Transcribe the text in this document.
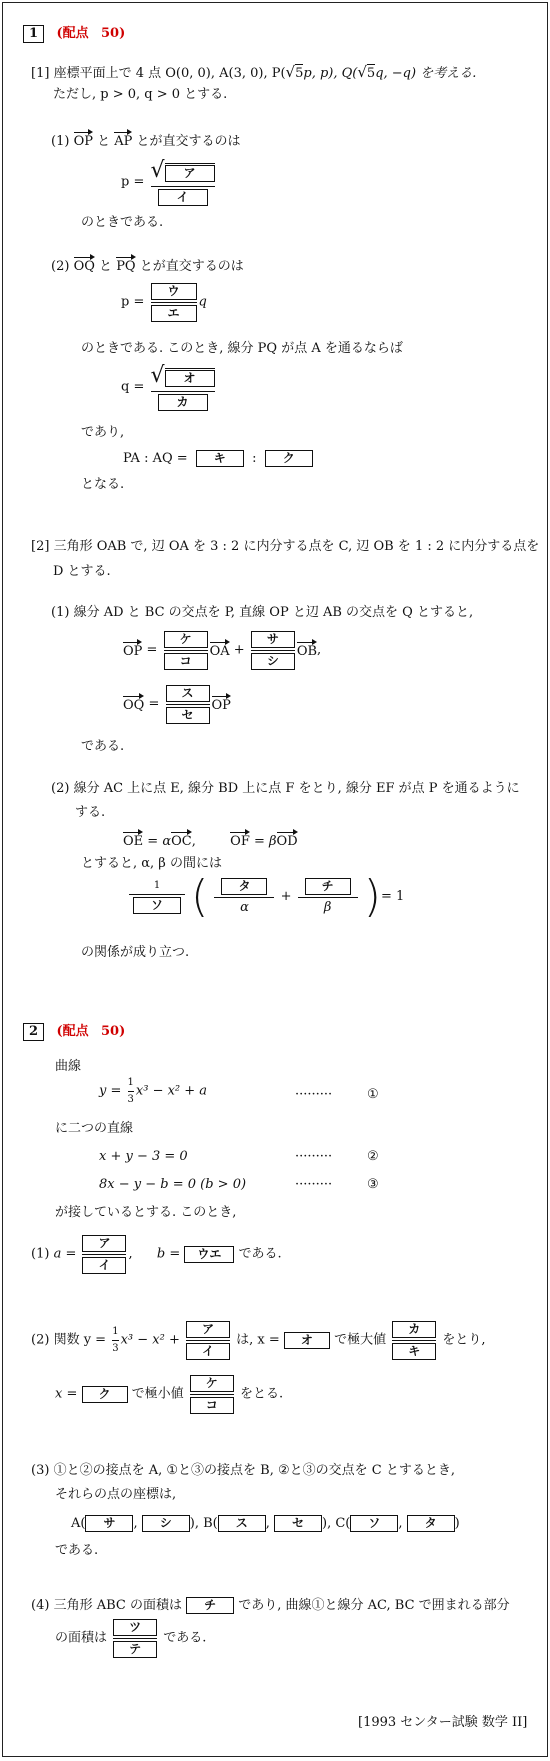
1 (配点 50)
[1] 座標平面上で 4 点 O(0, 0), A(3, 0), P(√5p, p), Q(√5q, −q) を考える.
ただし, p > 0, q > 0 とする.
(1) OP と AP とが直交するのは
$p = \frac{\text{√ ア}}{\text{イ}}$
のときである.
(2) OQ と PQ とが直交するのは
$p = \frac{\text{ウ}}{\text{エ}}$ q
のときである. このとき, 線分 PQ が点 A を通るならば
$q = \frac{\text{√ オ}}{\text{カ}}$
であり,
PA : AQ = キ : ク
となる.
[2] 三角形 OAB で, 辺 OA を 3 : 2 に内分する点を C, 辺 OB を 1 : 2 に内分する点を
D とする.
(1) 線分 AD と BC の交点を P, 直線 OP と辺 AB の交点を Q とすると,
OP = $\frac{\text{ケ}}{\text{コ}}$ OA + $\frac{\text{サ}}{\text{シ}}$ OB,
OQ = $\frac{\text{ス}}{\text{セ}}$ OP
である.
(2) 線分 AC 上に点 E, 線分 BD 上に点 F をとり, 線分 EF が点 P を通るように
する.
OE = αOC,	OF = βOD
とすると, α, β の間には
$\frac{1}{\text{ソ}}$ ( $\frac{\text{タ}}{\alpha} + \frac{\text{チ}}{\beta}$ )= 1
の関係が成り立つ.
2 (配点 50)
曲線
$y = \frac{1}{3} x^3 - x^2 + a$	·········	①
に二つの直線
x + y − 3 = 0	·········	②
8x − y − b = 0 (b > 0)	·········	③
が接しているとする. このとき,
(1) $a = \frac{\text{ア}}{\text{イ}}$ , b = ウエ である.
(2) 関数 $y = \frac{1}{3} x^3 - x^2 + \frac{\text{ア}}{\text{イ}}$ は, x = オ で極大値 $\frac{\text{カ}}{\text{キ}}$ をとり,
x = ク で極小値 $\frac{\text{ケ}}{\text{コ}}$ をとる.
(3) ①と②の接点を A, ①と③の接点を B, ②と③の交点を C とするとき,
それらの点の座標は,
A( サ , シ ), B( ス , セ ), C( ソ , タ )
である.
(4) 三角形 ABC の面積は チ であり, 曲線①と線分 AC, BC で囲まれる部分
の面積は $\frac{\text{ツ}}{\text{テ}}$ である.
[1993 センター試験 数学 II]
